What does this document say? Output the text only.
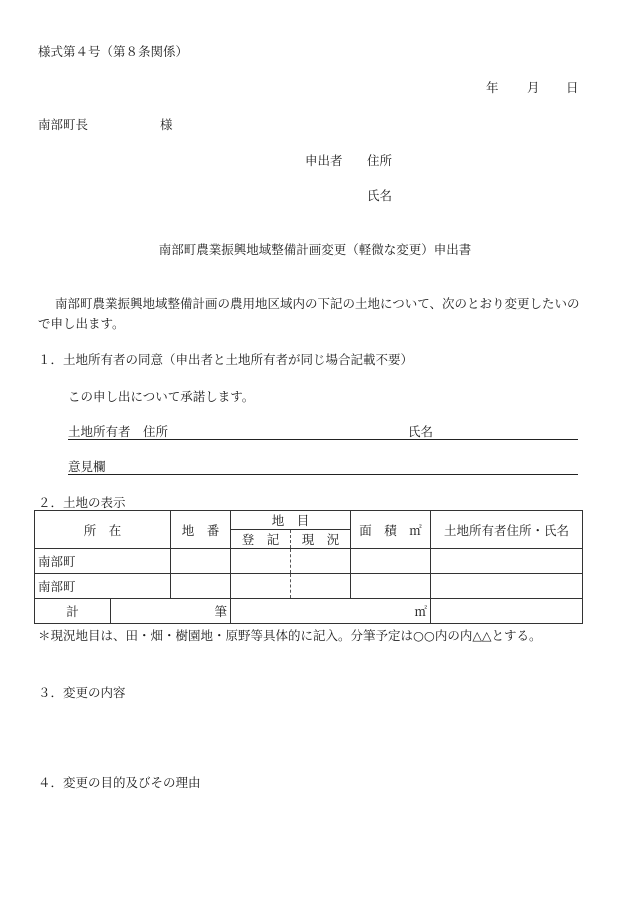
様式第４号（第８条関係）
年 月 日
南部町長	様
申出者 住所
氏名
南部町農業振興地域整備計画変更（軽微な変更）申出書
南部町農業振興地域整備計画の農用地区域内の下記の土地について、次のとおり変更したいので申し出ます。
１．土地所有者の同意（申出者と土地所有者が同じ場合記載不要）
この申し出について承諾します。
土地所有者　住所	氏名
意見欄
２．土地の表示
所　在		地　番	地　目		面　積　㎡	土地所有者住所・氏名
			登　記	現　況		
南部町						
南部町						
計	筆		㎡			
＊現況地目は、田・畑・樹園地・原野等具体的に記入。分筆予定は○○内の内△△とする。
３．変更の内容
４．変更の目的及びその理由
